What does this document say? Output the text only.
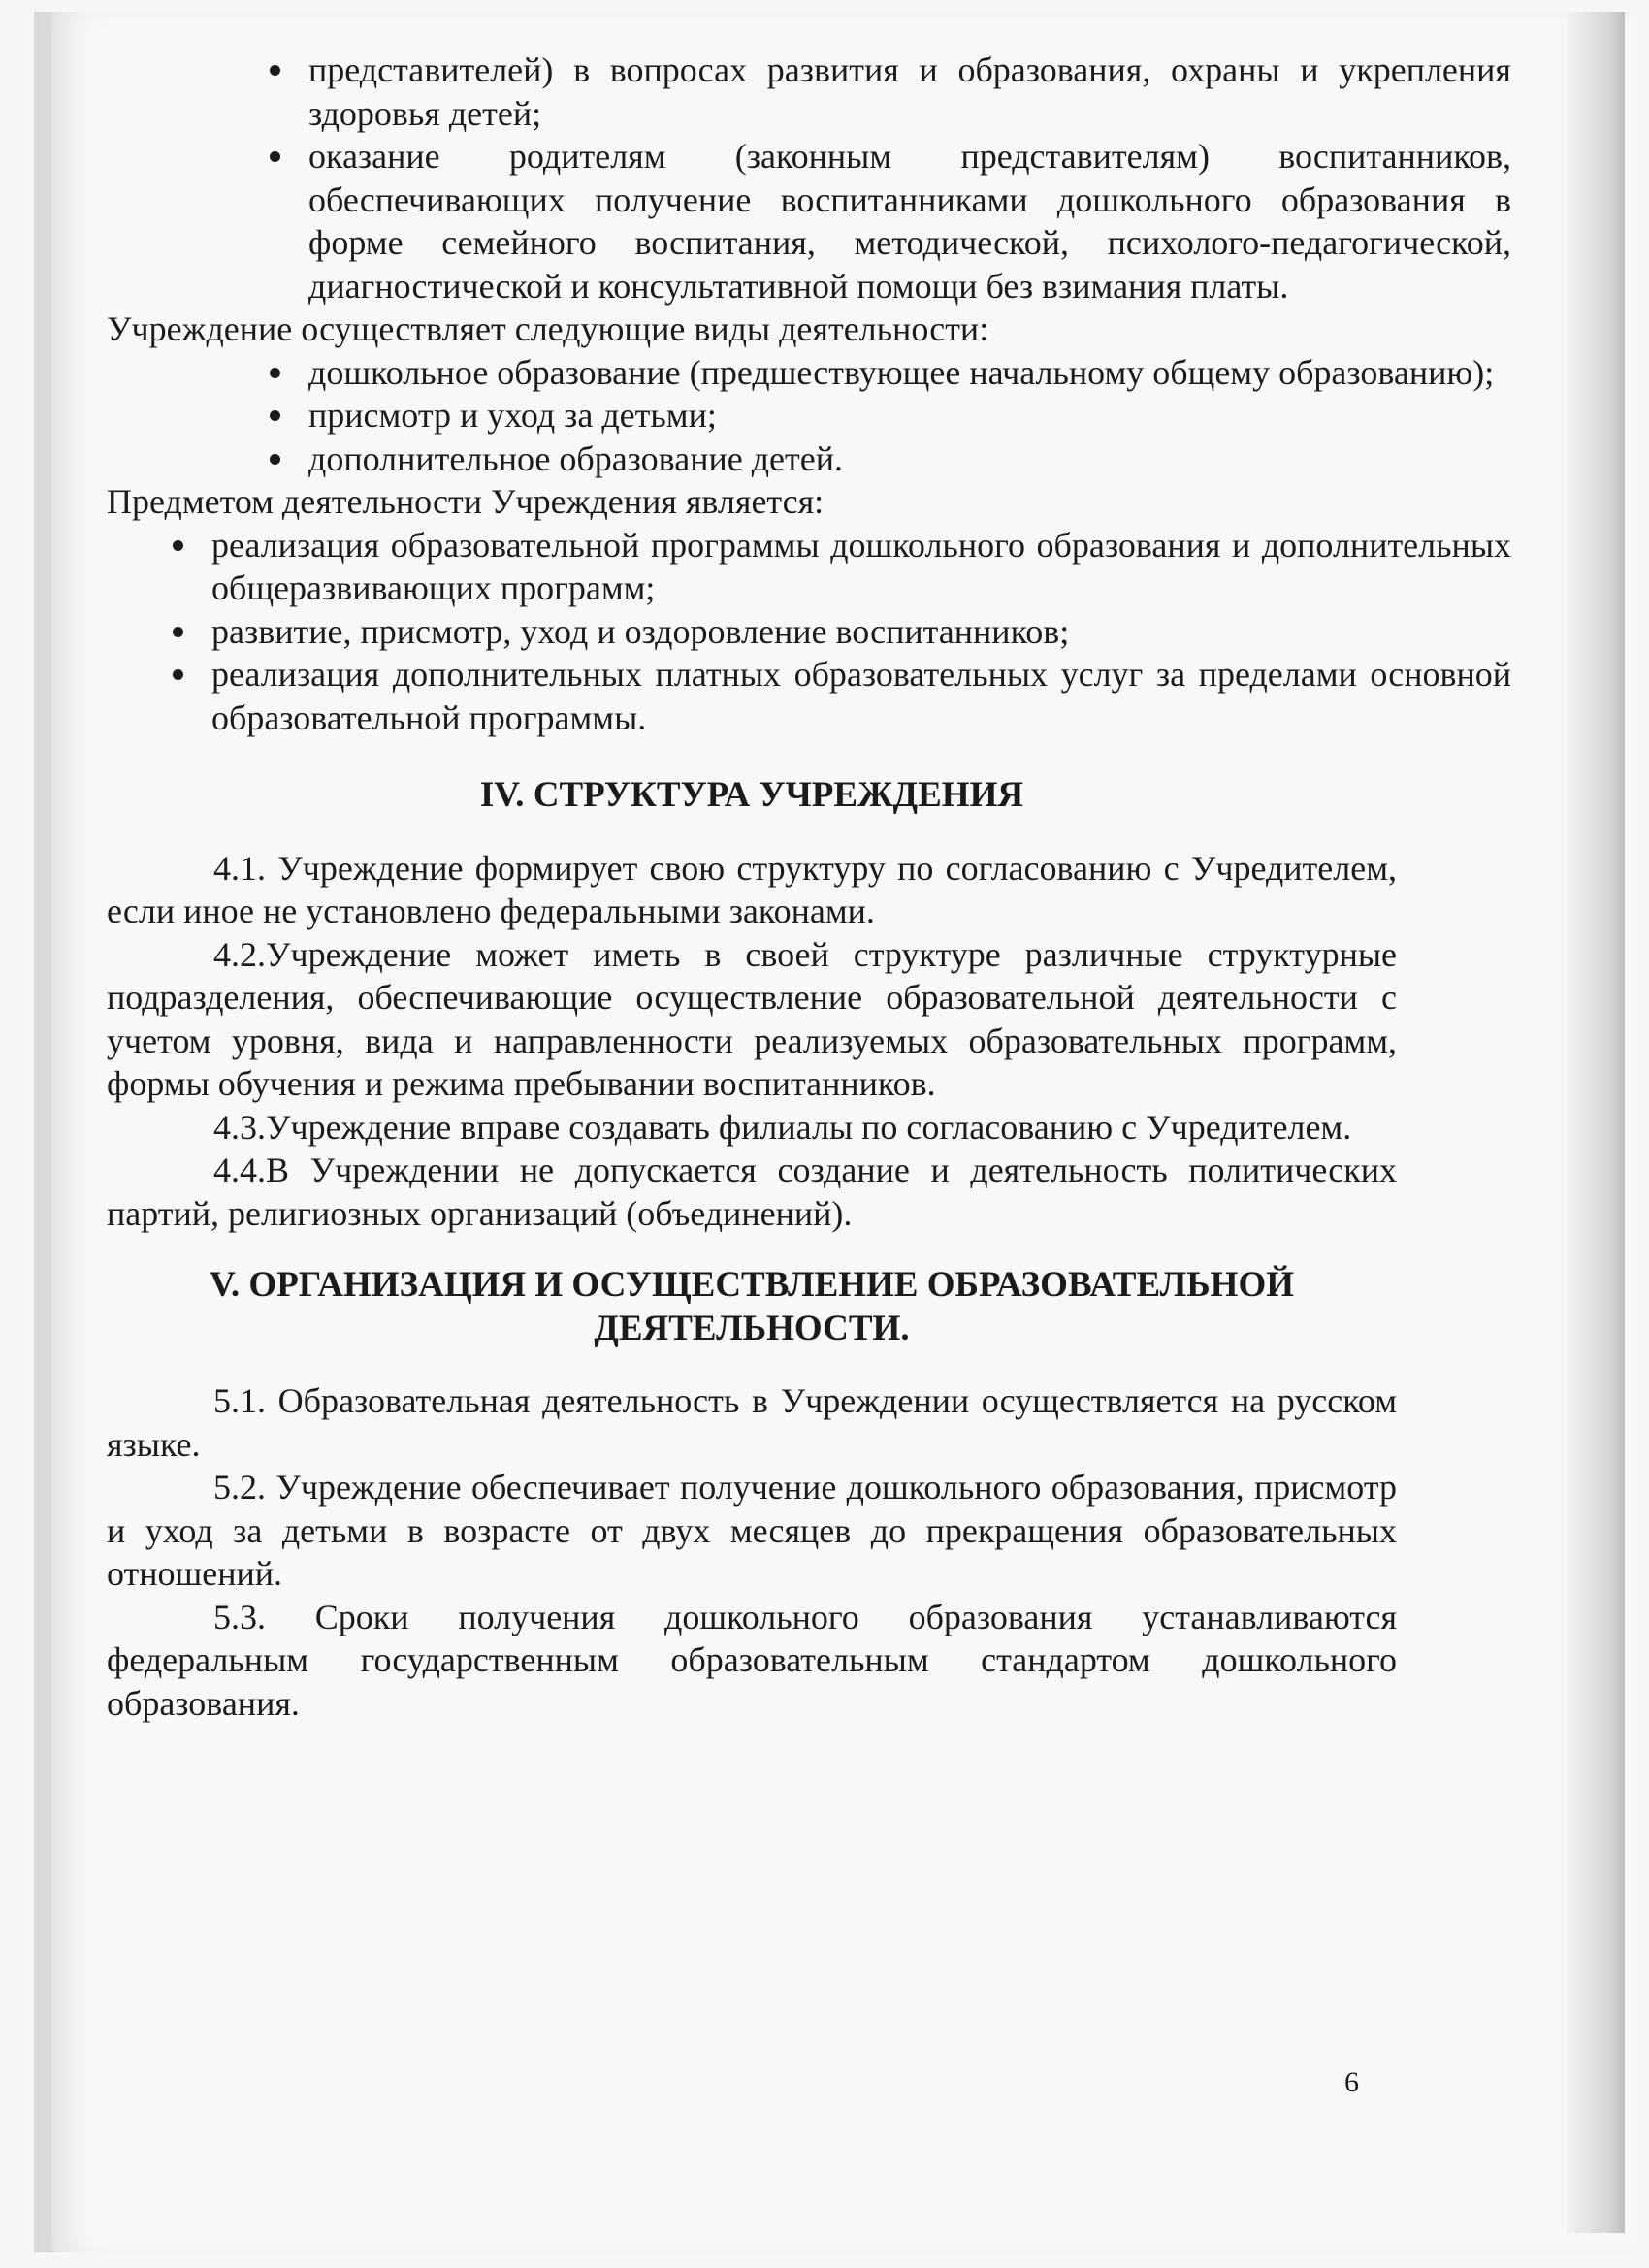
представителей) в вопросах развития и образования, охраны и укрепления здоровья детей;
оказание родителям (законным представителям) воспитанников, обеспечивающих получение воспитанниками дошкольного образования в форме семейного воспитания, методической, психолого-педагогической, диагностической и консультативной помощи без взимания платы.

Учреждение осуществляет следующие виды деятельности:

дошкольное образование (предшествующее начальному общему образованию);
присмотр и уход за детьми;
дополнительное образование детей.

Предметом деятельности Учреждения является:

реализация образовательной программы дошкольного образования и дополнительных общеразвивающих программ;
развитие, присмотр, уход и оздоровление воспитанников;
реализация дополнительных платных образовательных услуг за пределами основной образовательной программы.

IV. СТРУКТУРА УЧРЕЖДЕНИЯ

4.1. Учреждение формирует свою структуру по согласованию с Учредителем, если иное не установлено федеральными законами.

4.2.Учреждение может иметь в своей структуре различные структурные подразделения, обеспечивающие осуществление образовательной деятельности с учетом уровня, вида и направленности реализуемых образовательных программ, формы обучения и режима пребывании воспитанников.

4.3.Учреждение вправе создавать филиалы по согласованию с Учредителем.

4.4.В Учреждении не допускается создание и деятельность политических партий, религиозных организаций (объединений).

V. ОРГАНИЗАЦИЯ И ОСУЩЕСТВЛЕНИЕ ОБРАЗОВАТЕЛЬНОЙ ДЕЯТЕЛЬНОСТИ.

5.1. Образовательная деятельность в Учреждении осуществляется на русском языке.

5.2. Учреждение обеспечивает получение дошкольного образования, присмотр и уход за детьми в возрасте от двух месяцев до прекращения образовательных отношений.

5.3. Сроки получения дошкольного образования устанавливаются федеральным государственным образовательным стандартом дошкольного образования.

6
